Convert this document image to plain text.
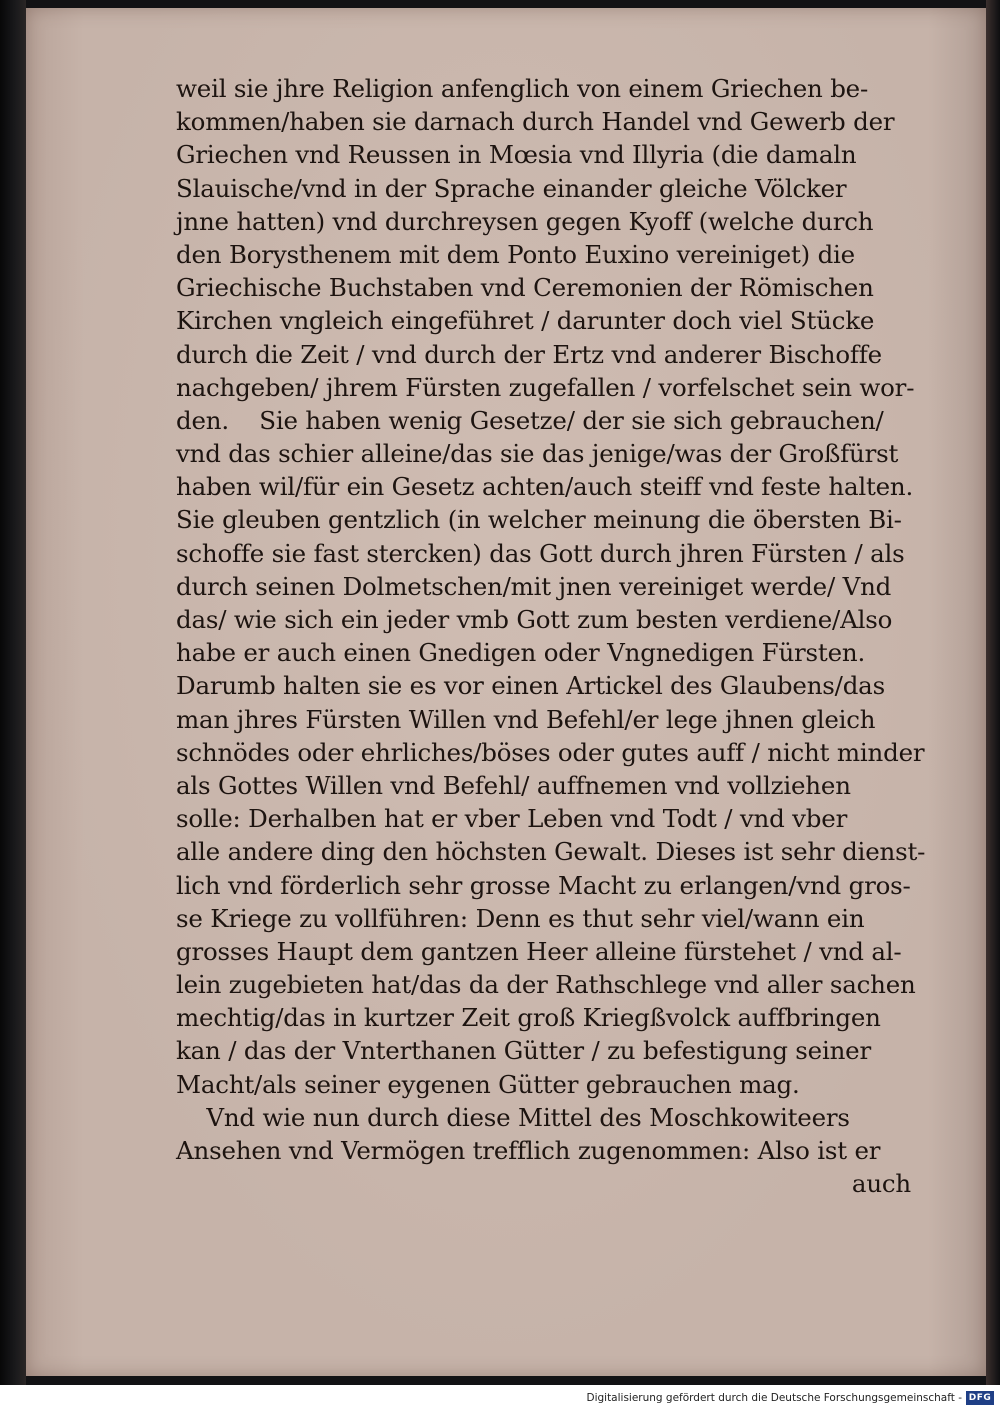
weil sie jhre Religion anfenglich von einem Griechen be-
kommen/haben sie darnach durch Handel vnd Gewerb der
Griechen vnd Reussen in Mœsia vnd Illyria (die damaln
Slauische/vnd in der Sprache einander gleiche Völcker
jnne hatten) vnd durchreysen gegen Kyoff (welche durch
den Borysthenem mit dem Ponto Euxino vereiniget) die
Griechische Buchstaben vnd Ceremonien der Römischen
Kirchen vngleich eingeführet / darunter doch viel Stücke
durch die Zeit / vnd durch der Ertz vnd anderer Bischoffe
nachgeben/ jhrem Fürsten zugefallen / vorfelschet sein wor-
den.    Sie haben wenig Gesetze/ der sie sich gebrauchen/
vnd das schier alleine/das sie das jenige/was der Großfürst
haben wil/für ein Gesetz achten/auch steiff vnd feste halten.
Sie gleuben gentzlich (in welcher meinung die öbersten Bi-
schoffe sie fast stercken) das Gott durch jhren Fürsten / als
durch seinen Dolmetschen/mit jnen vereiniget werde/ Vnd
das/ wie sich ein jeder vmb Gott zum besten verdiene/Also
habe er auch einen Gnedigen oder Vngnedigen Fürsten.
Darumb halten sie es vor einen Artickel des Glaubens/das
man jhres Fürsten Willen vnd Befehl/er lege jhnen gleich
schnödes oder ehrliches/böses oder gutes auff / nicht minder
als Gottes Willen vnd Befehl/ auffnemen vnd vollziehen
solle: Derhalben hat er vber Leben vnd Todt / vnd vber
alle andere ding den höchsten Gewalt. Dieses ist sehr dienst-
lich vnd förderlich sehr grosse Macht zu erlangen/vnd gros-
se Kriege zu vollführen: Denn es thut sehr viel/wann ein
grosses Haupt dem gantzen Heer alleine fürstehet / vnd al-
lein zugebieten hat/das da der Rathschlege vnd aller sachen
mechtig/das in kurtzer Zeit groß Kriegßvolck auffbringen
kan / das der Vnterthanen Gütter / zu befestigung seiner
Macht/als seiner eygenen Gütter gebrauchen mag.
Vnd wie nun durch diese Mittel des Moschkowiteers
Ansehen vnd Vermögen trefflich zugenommen: Also ist er
auch
Digitalisierung gefördert durch die Deutsche Forschungsgemeinschaft - DFG
